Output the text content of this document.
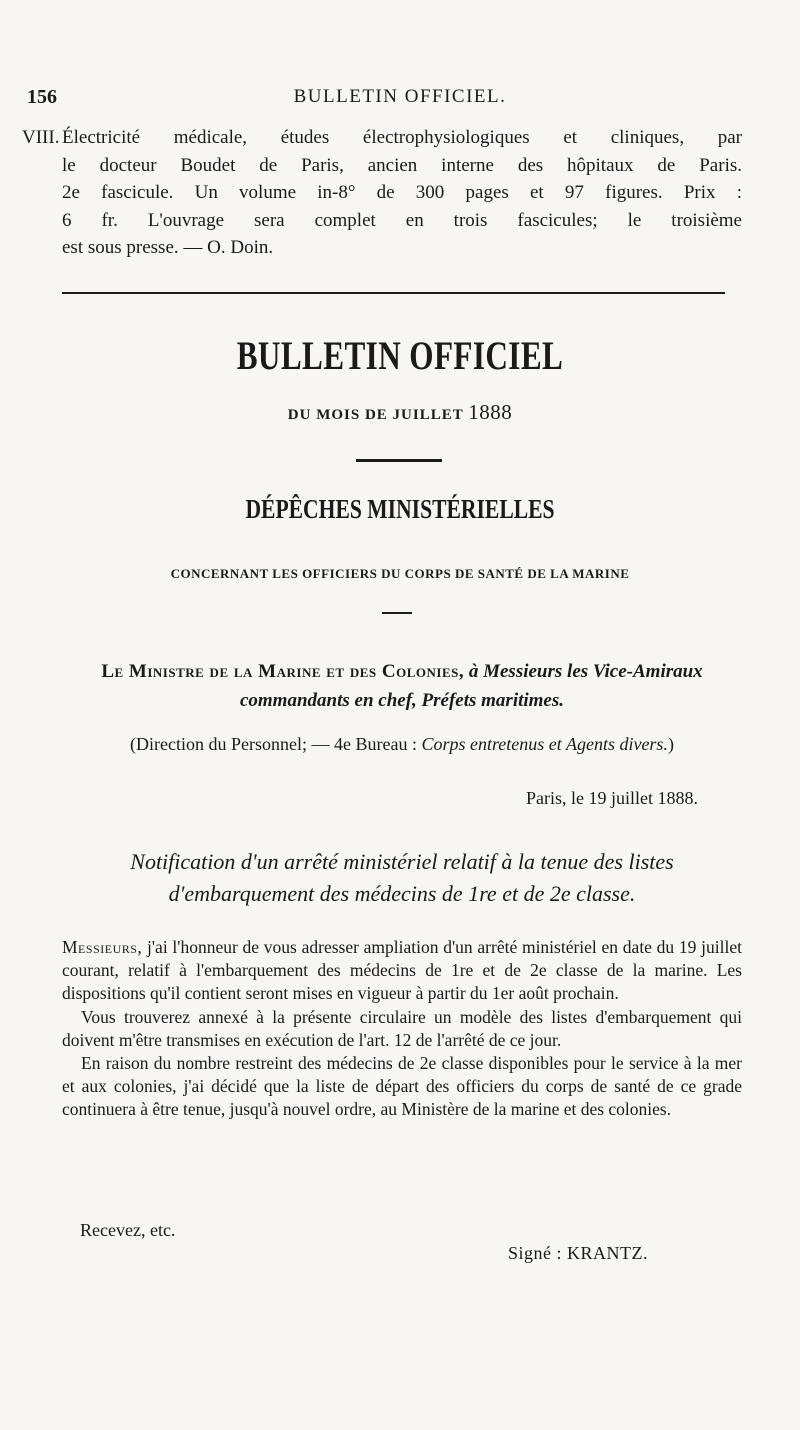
156	BULLETIN OFFICIEL.
VIII. Électricité médicale, études électrophysiologiques et cliniques, par
le docteur Boudet de Paris, ancien interne des hôpitaux de Paris.
2e fascicule. Un volume in-8° de 300 pages et 97 figures. Prix :
6 fr. L'ouvrage sera complet en trois fascicules; le troisième
est sous presse. — O. Doin.
BULLETIN OFFICIEL
DU MOIS DE JUILLET 1888
DÉPÊCHES MINISTÉRIELLES
CONCERNANT LES OFFICIERS DU CORPS DE SANTÉ DE LA MARINE
Le Ministre de la Marine et des Colonies, à Messieurs les Vice-Amiraux
commandants en chef, Préfets maritimes.
(Direction du Personnel; — 4e Bureau : Corps entretenus et Agents divers.)
Paris, le 19 juillet 1888.
Notification d'un arrêté ministériel relatif à la tenue des listes d'embarquement des médecins de 1re et de 2e classe.

Messieurs, j'ai l'honneur de vous adresser ampliation d'un arrêté ministériel en date du 19 juillet courant, relatif à l'embarquement des médecins de 1re et de 2e classe de la marine. Les dispositions qu'il contient seront mises en vigueur à partir du 1er août prochain.

Vous trouverez annexé à la présente circulaire un modèle des listes d'embarquement qui doivent m'être transmises en exécution de l'art. 12 de l'arrêté de ce jour.

En raison du nombre restreint des médecins de 2e classe disponibles pour le service à la mer et aux colonies, j'ai décidé que la liste de départ des officiers du corps de santé de ce grade continuera à être tenue, jusqu'à nouvel ordre, au Ministère de la marine et des colonies.

Recevez, etc.
Signé : KRANTZ.
